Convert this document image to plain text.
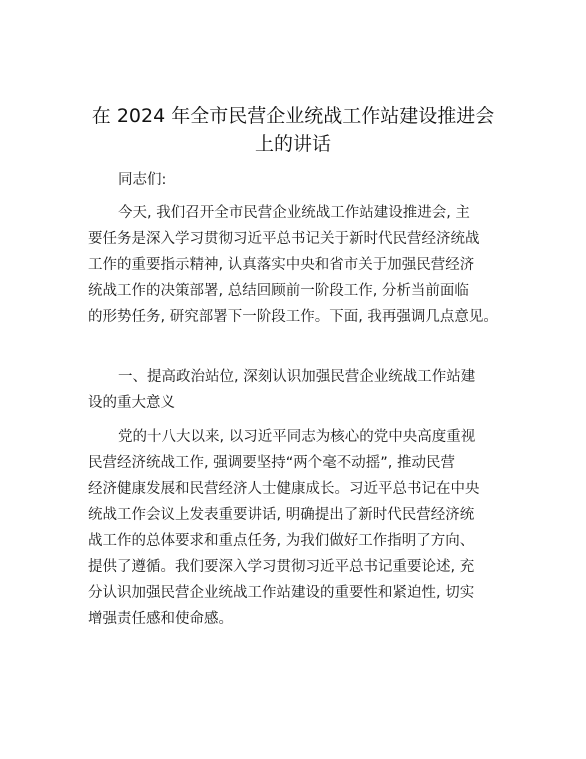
在 2024 年全市民营企业统战工作站建设推进会
上的讲话
同志们:
今天, 我们召开全市民营企业统战工作站建设推进会, 主
要任务是深入学习贯彻习近平总书记关于新时代民营经济统战
工作的重要指示精神, 认真落实中央和省市关于加强民营经济
统战工作的决策部署, 总结回顾前一阶段工作, 分析当前面临
的形势任务, 研究部署下一阶段工作。下面, 我再强调几点意见。
一、提高政治站位, 深刻认识加强民营企业统战工作站建
设的重大意义
党的十八大以来, 以习近平同志为核心的党中央高度重视
民营经济统战工作, 强调要坚持“两个毫不动摇”, 推动民营
经济健康发展和民营经济人士健康成长。习近平总书记在中央
统战工作会议上发表重要讲话, 明确提出了新时代民营经济统
战工作的总体要求和重点任务, 为我们做好工作指明了方向、
提供了遵循。我们要深入学习贯彻习近平总书记重要论述, 充
分认识加强民营企业统战工作站建设的重要性和紧迫性, 切实
增强责任感和使命感。
